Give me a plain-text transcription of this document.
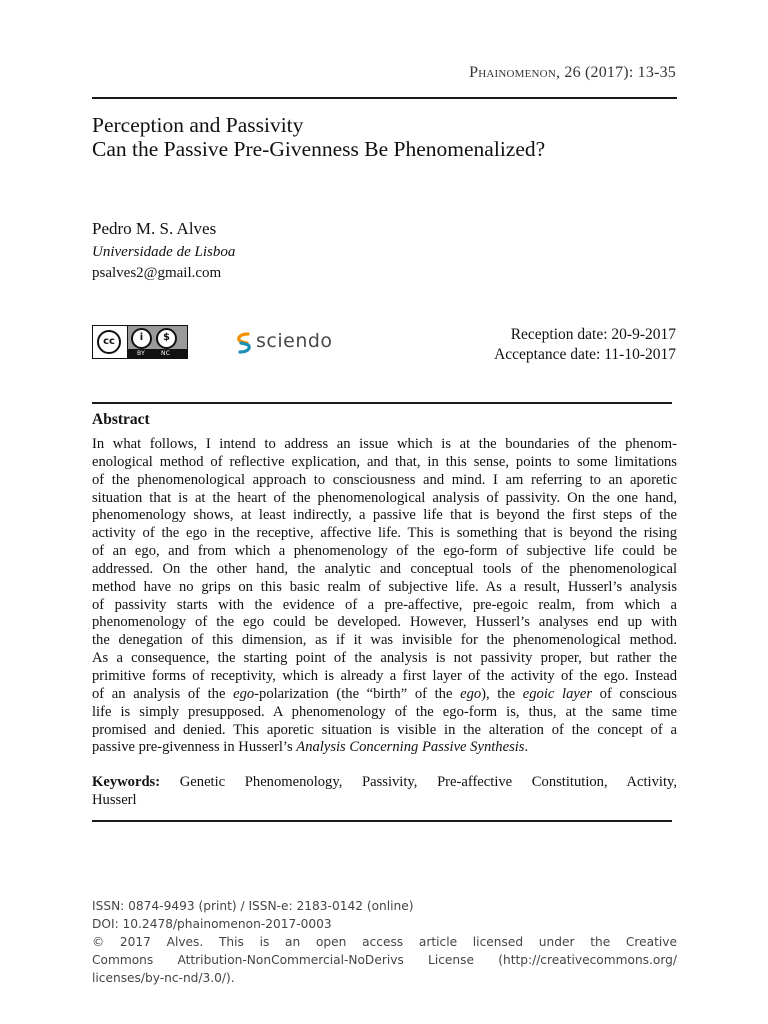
Phainomenon, 26 (2017): 13-35
Perception and Passivity
Can the Passive Pre-Givenness Be Phenomenalized?
Pedro M. S. Alves
Universidade de Lisboa
psalves2@gmail.com
cc	i	$
BY	NC
sciendo	Reception date: 20-9-2017
Acceptance date: 11-10-2017
Abstract
In what follows, I intend to address an issue which is at the boundaries of the phenom-
enological method of reflective explication, and that, in this sense, points to some limitations
of the phenomenological approach to consciousness and mind. I am referring to an aporetic
situation that is at the heart of the phenomenological analysis of passivity. On the one hand,
phenomenology shows, at least indirectly, a passive life that is beyond the first steps of the
activity of the ego in the receptive, affective life. This is something that is beyond the rising
of an ego, and from which a phenomenology of the ego-form of subjective life could be
addressed. On the other hand, the analytic and conceptual tools of the phenomenological
method have no grips on this basic realm of subjective life. As a result, Husserl’s analysis
of passivity starts with the evidence of a pre-affective, pre-egoic realm, from which a
phenomenology of the ego could be developed. However, Husserl’s analyses end up with
the denegation of this dimension, as if it was invisible for the phenomenological method.
As a consequence, the starting point of the analysis is not passivity proper, but rather the
primitive forms of receptivity, which is already a first layer of the activity of the ego. Instead
of an analysis of the ego-polarization (the “birth” of the ego), the egoic layer of conscious
life is simply presupposed. A phenomenology of the ego-form is, thus, at the same time
promised and denied. This aporetic situation is visible in the alteration of the concept of a
passive pre-givenness in Husserl’s Analysis Concerning Passive Synthesis.
Keywords: Genetic Phenomenology, Passivity, Pre-affective Constitution, Activity,
Husserl
ISSN: 0874-9493 (print) / ISSN-e: 2183-0142 (online)
DOI: 10.2478/phainomenon-2017-0003
© 2017 Alves. This is an open access article licensed under the Creative
Commons Attribution-NonCommercial-NoDerivs License (http://creativecommons.org/
licenses/by-nc-nd/3.0/).
